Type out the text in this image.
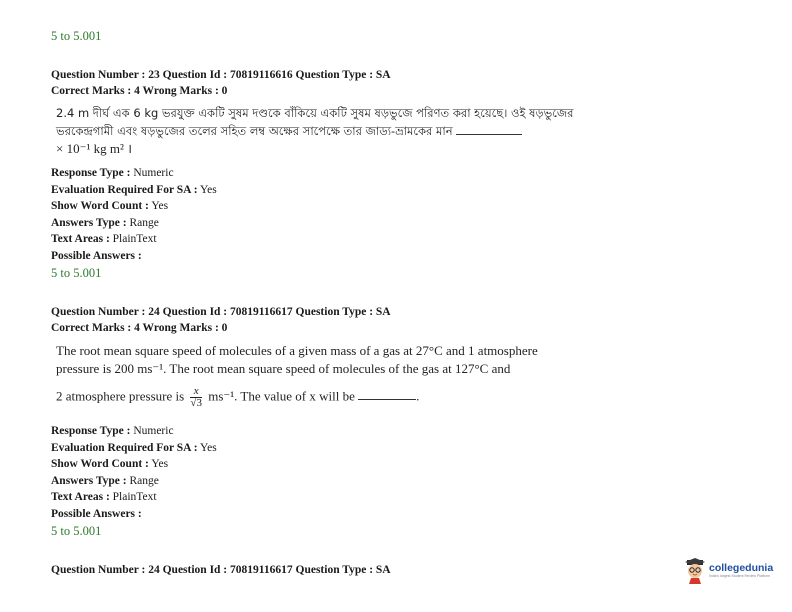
5 to 5.001
Question Number : 23 Question Id : 70819116616 Question Type : SA
Correct Marks : 4 Wrong Marks : 0
2.4 m দীর্ঘ এক 6 kg ভরযুক্ত একটি সুষম দণ্ডকে বাঁকিয়ে একটি সুষম ষড়ভুজে পরিণত করা হয়েছে। ওই ষড়ভুজের
ভরকেন্দ্রগামী এবং ষড়ভুজের তলের সহিত লম্ব অক্ষের সাপেক্ষে তার জাড্য-ভ্রামকের মান
× 10⁻¹ kg m² ।
Response Type : Numeric
Evaluation Required For SA : Yes
Show Word Count : Yes
Answers Type : Range
Text Areas : PlainText
Possible Answers :
5 to 5.001
Question Number : 24 Question Id : 70819116617 Question Type : SA
Correct Marks : 4 Wrong Marks : 0
The root mean square speed of molecules of a given mass of a gas at 27°C and 1 atmosphere
pressure is 200 ms⁻¹. The root mean square speed of molecules of the gas at 127°C and
2 atmosphere pressure is $\frac{x}{√3} ms^{-1}$. The value of x will be	.
Response Type : Numeric
Evaluation Required For SA : Yes
Show Word Count : Yes
Answers Type : Range
Text Areas : PlainText
Possible Answers :
5 to 5.001
Question Number : 24 Question Id : 70819116617 Question Type : SA	collegedunia
India's largest Student Review Platform
